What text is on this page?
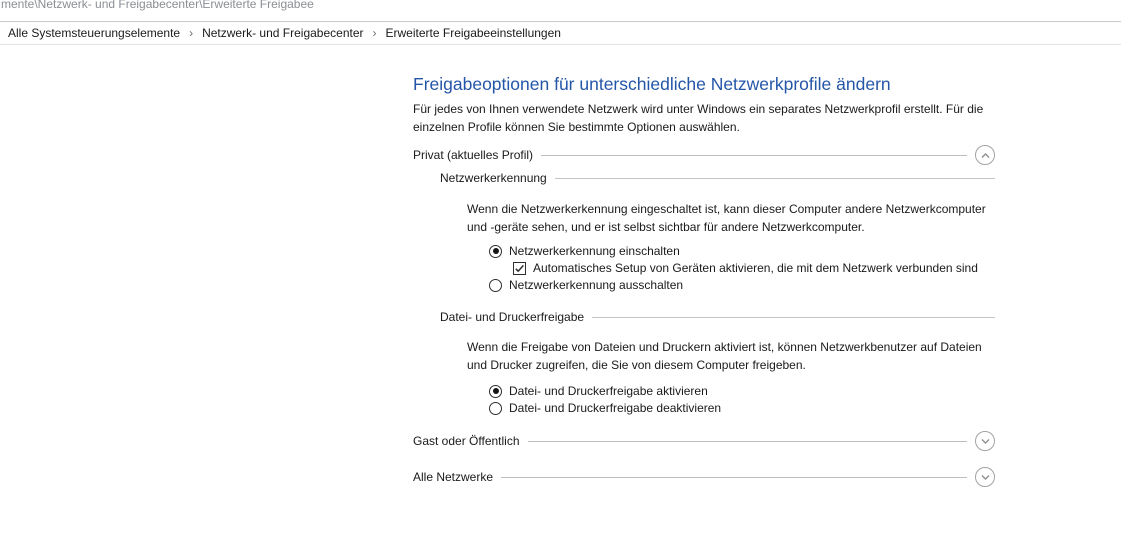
mente\Netzwerk- und Freigabecenter\Erweiterte Freigabee
Alle Systemsteuerungselemente › Netzwerk- und Freigabecenter › Erweiterte Freigabeeinstellungen
Freigabeoptionen für unterschiedliche Netzwerkprofile ändern
Für jedes von Ihnen verwendete Netzwerk wird unter Windows ein separates Netzwerkprofil erstellt. Für die
einzelnen Profile können Sie bestimmte Optionen auswählen.
Privat (aktuelles Profil)
Netzwerkerkennung
Wenn die Netzwerkerkennung eingeschaltet ist, kann dieser Computer andere Netzwerkcomputer
und -geräte sehen, und er ist selbst sichtbar für andere Netzwerkcomputer.
Netzwerkerkennung einschalten
Automatisches Setup von Geräten aktivieren, die mit dem Netzwerk verbunden sind
Netzwerkerkennung ausschalten
Datei- und Druckerfreigabe
Wenn die Freigabe von Dateien und Druckern aktiviert ist, können Netzwerkbenutzer auf Dateien
und Drucker zugreifen, die Sie von diesem Computer freigeben.
Datei- und Druckerfreigabe aktivieren
Datei- und Druckerfreigabe deaktivieren
Gast oder Öffentlich
Alle Netzwerke
